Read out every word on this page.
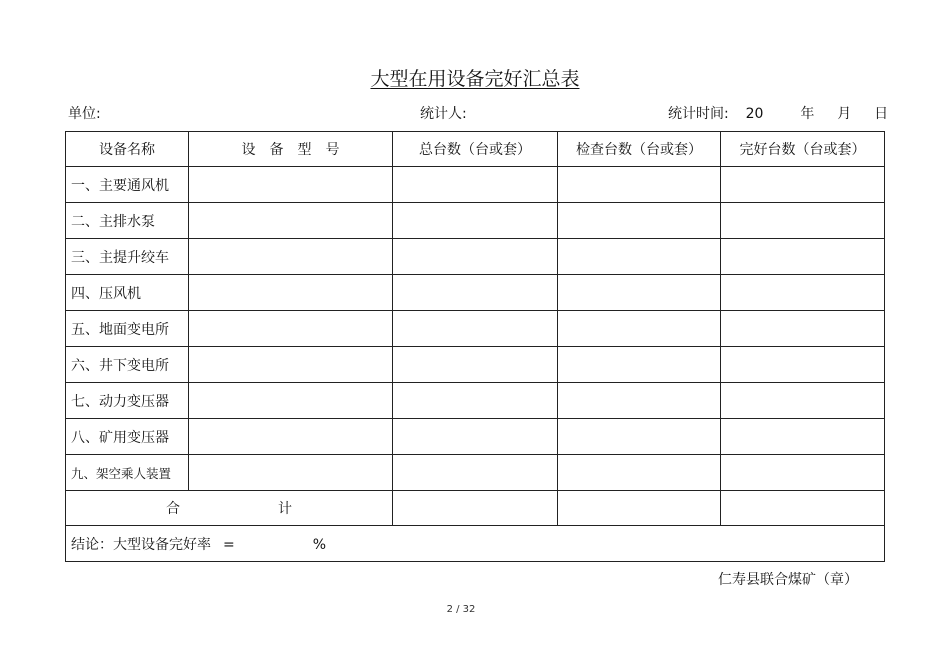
大型在用设备完好汇总表
单位:	统计人:	统计时间: 20	年 月 日
设备名称	设　备　型　号	总台数（台或套）	检查台数（台或套）	完好台数（台或套）
一、主要通风机				
二、主排水泵				
三、主提升绞车				
四、压风机				
五、地面变电所				
六、井下变电所				
七、动力变压器				
八、矿用变压器				
九、架空乘人装置				
合 计				
结论：大型设备完好率 = %				
仁寿县联合煤矿（章）
2 / 32
